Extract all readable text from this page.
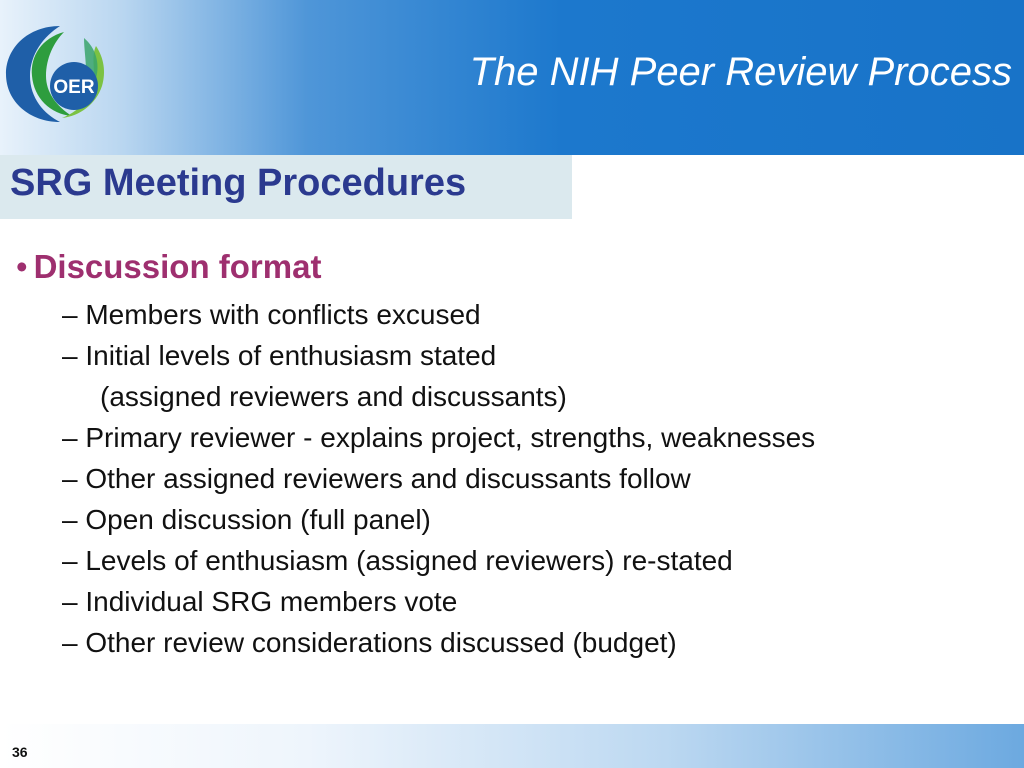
OER	The NIH Peer Review Process
SRG Meeting Procedures
• Discussion format
– Members with conflicts excused
– Initial levels of enthusiasm stated
(assigned reviewers and discussants)
– Primary reviewer - explains project, strengths, weaknesses
– Other assigned reviewers and discussants follow
– Open discussion (full panel)
– Levels of enthusiasm (assigned reviewers) re-stated
– Individual SRG members vote
– Other review considerations discussed (budget)
36
